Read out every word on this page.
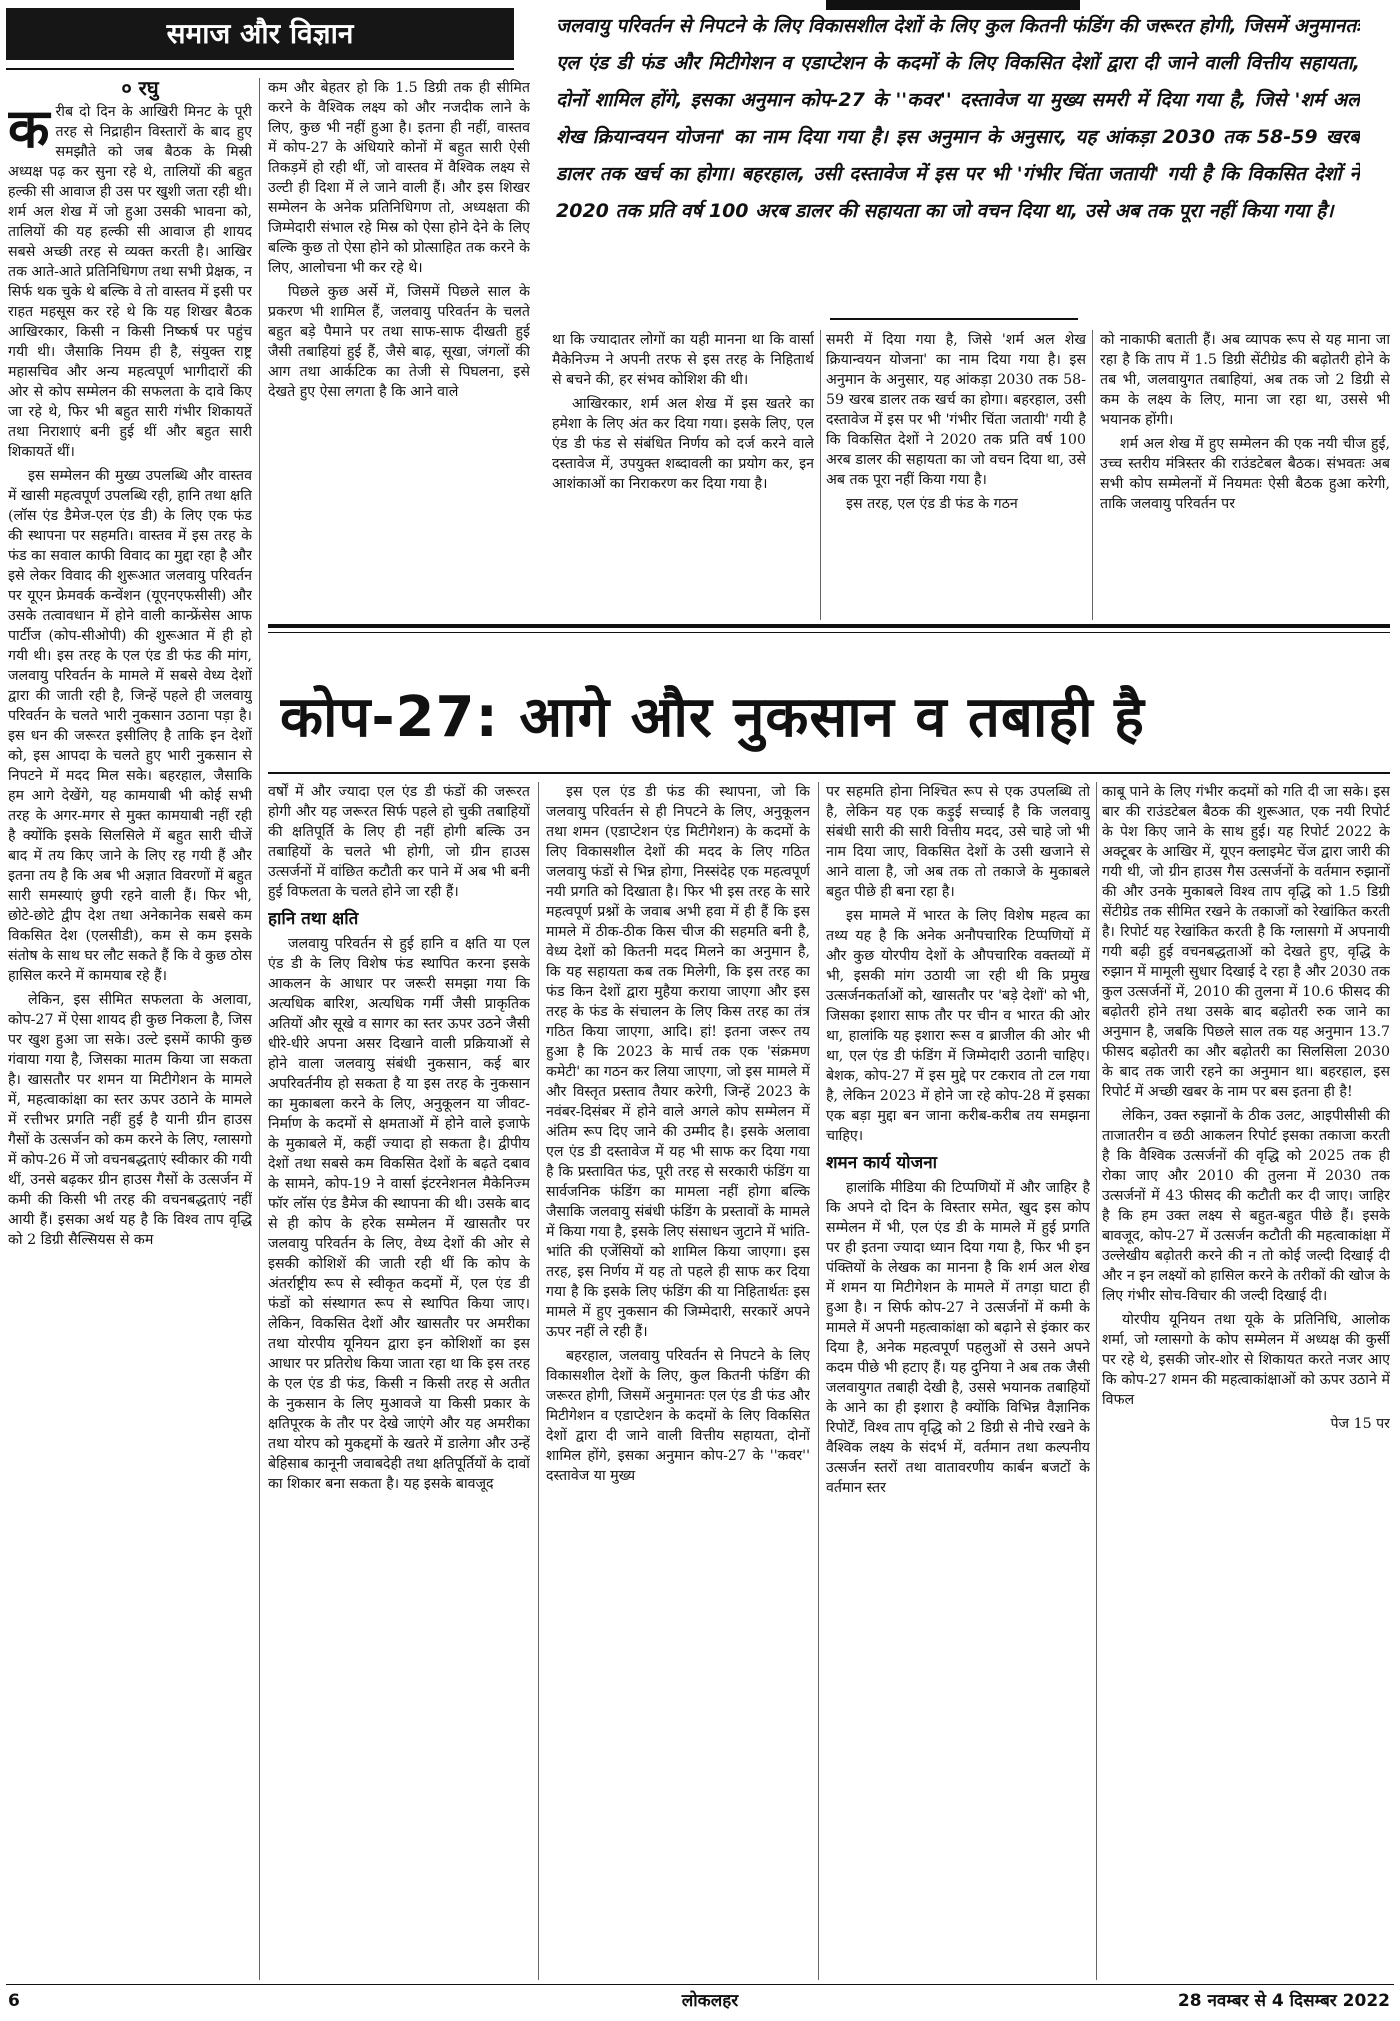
समाज और विज्ञान

० रघु

करीब दो दिन के आखिरी मिनट के पूरी तरह से निद्राहीन विस्तारों के बाद हुए समझौते को जब बैठक के मिस्री अध्यक्ष पढ़ कर सुना रहे थे, तालियों की बहुत हल्की सी आवाज ही उस पर खुशी जता रही थी। शर्म अल शेख में जो हुआ उसकी भावना को, तालियों की यह हल्की सी आवाज ही शायद सबसे अच्छी तरह से व्यक्त करती है। आखिर तक आते-आते प्रतिनिधिगण तथा सभी प्रेक्षक, न सिर्फ थक चुके थे बल्कि वे तो वास्तव में इसी पर राहत महसूस कर रहे थे कि यह शिखर बैठक आखिरकार, किसी न किसी निष्कर्ष पर पहुंच गयी थी। जैसाकि नियम ही है, संयुक्त राष्ट्र महासचिव और अन्य महत्वपूर्ण भागीदारों की ओर से कोप सम्मेलन की सफलता के दावे किए जा रहे थे, फिर भी बहुत सारी गंभीर शिकायतें तथा निराशाएं बनी हुई थीं और बहुत सारी शिकायतें थीं।

इस सम्मेलन की मुख्य उपलब्धि और वास्तव में खासी महत्वपूर्ण उपलब्धि रही, हानि तथा क्षति (लॉस एंड डैमेज-एल एंड डी) के लिए एक फंड की स्थापना पर सहमति। वास्तव में इस तरह के फंड का सवाल काफी विवाद का मुद्दा रहा है और इसे लेकर विवाद की शुरूआत जलवायु परिवर्तन पर यूएन फ्रेमवर्क कन्वेंशन (यूएनएफसीसी) और उसके तत्वावधान में होने वाली कान्फ्रेंसेस आफ पार्टीज (कोप-सीओपी) की शुरूआत में ही हो गयी थी। इस तरह के एल एंड डी फंड की मांग, जलवायु परिवर्तन के मामले में सबसे वेध्य देशों द्वारा की जाती रही है, जिन्हें पहले ही जलवायु परिवर्तन के चलते भारी नुकसान उठाना पड़ा है। इस धन की जरूरत इसीलिए है ताकि इन देशों को, इस आपदा के चलते हुए भारी नुकसान से निपटने में मदद मिल सके। बहरहाल, जैसाकि हम आगे देखेंगे, यह कामयाबी भी कोई सभी तरह के अगर-मगर से मुक्त कामयाबी नहीं रही है क्योंकि इसके सिलसिले में बहुत सारी चीजें बाद में तय किए जाने के लिए रह गयी हैं और इतना तय है कि अब भी अज्ञात विवरणों में बहुत सारी समस्याएं छुपी रहने वाली हैं। फिर भी, छोटे-छोटे द्वीप देश तथा अनेकानेक सबसे कम विकसित देश (एलसीडी), कम से कम इसके संतोष के साथ घर लौट सकते हैं कि वे कुछ ठोस हासिल करने में कामयाब रहे हैं।

लेकिन, इस सीमित सफलता के अलावा, कोप-27 में ऐसा शायद ही कुछ निकला है, जिस पर खुश हुआ जा सके। उल्टे इसमें काफी कुछ गंवाया गया है, जिसका मातम किया जा सकता है। खासतौर पर शमन या मिटीगेशन के मामले में, महत्वाकांक्षा का स्तर ऊपर उठाने के मामले में रत्तीभर प्रगति नहीं हुई है यानी ग्रीन हाउस गैसों के उत्सर्जन को कम करने के लिए, ग्लासगो में कोप-26 में जो वचनबद्धताएं स्वीकार की गयी थीं, उनसे बढ़कर ग्रीन हाउस गैसों के उत्सर्जन में कमी की किसी भी तरह की वचनबद्धताएं नहीं आयी हैं। इसका अर्थ यह है कि विश्व ताप वृद्धि को 2 डिग्री सैल्सियस से कम

कम और बेहतर हो कि 1.5 डिग्री तक ही सीमित करने के वैश्विक लक्ष्य को और नजदीक लाने के लिए, कुछ भी नहीं हुआ है। इतना ही नहीं, वास्तव में कोप-27 के अंधियारे कोनों में बहुत सारी ऐसी तिकड़में हो रही थीं, जो वास्तव में वैश्विक लक्ष्य से उल्टी ही दिशा में ले जाने वाली हैं। और इस शिखर सम्मेलन के अनेक प्रतिनिधिगण तो, अध्यक्षता की जिम्मेदारी संभाल रहे मिस्र को ऐसा होने देने के लिए बल्कि कुछ तो ऐसा होने को प्रोत्साहित तक करने के लिए, आलोचना भी कर रहे थे।

पिछले कुछ अर्से में, जिसमें पिछले साल के प्रकरण भी शामिल हैं, जलवायु परिवर्तन के चलते बहुत बड़े पैमाने पर तथा साफ-साफ दीखती हुई जैसी तबाहियां हुई हैं, जैसे बाढ़, सूखा, जंगलों की आग तथा आर्कटिक का तेजी से पिघलना, इसे देखते हुए ऐसा लगता है कि आने वाले

जलवायु परिवर्तन से निपटने के लिए विकासशील देशों के लिए कुल कितनी फंडिंग की जरूरत होगी, जिसमें अनुमानतः एल एंड डी फंड और मिटीगेशन व एडाप्टेशन के कदमों के लिए विकसित देशों द्वारा दी जाने वाली वित्तीय सहायता, दोनों शामिल होंगे, इसका अनुमान कोप-27 के ''कवर'' दस्तावेज या मुख्य समरी में दिया गया है, जिसे 'शर्म अल शेख क्रियान्वयन योजना' का नाम दिया गया है। इस अनुमान के अनुसार, यह आंकड़ा 2030 तक 58-59 खरब डालर तक खर्च का होगा। बहरहाल, उसी दस्तावेज में इस पर भी 'गंभीर चिंता जतायी' गयी है कि विकसित देशों ने 2020 तक प्रति वर्ष 100 अरब डालर की सहायता का जो वचन दिया था, उसे अब तक पूरा नहीं किया गया है।

था कि ज्यादातर लोगों का यही मानना था कि वार्सा मैकेनिज्म ने अपनी तरफ से इस तरह के निहितार्थ से बचने की, हर संभव कोशिश की थी।

आखिरकार, शर्म अल शेख में इस खतरे का हमेशा के लिए अंत कर दिया गया। इसके लिए, एल एंड डी फंड से संबंधित निर्णय को दर्ज करने वाले दस्तावेज में, उपयुक्त शब्दावली का प्रयोग कर, इन आशंकाओं का निराकरण कर दिया गया है।

समरी में दिया गया है, जिसे 'शर्म अल शेख क्रियान्वयन योजना' का नाम दिया गया है। इस अनुमान के अनुसार, यह आंकड़ा 2030 तक 58-59 खरब डालर तक खर्च का होगा। बहरहाल, उसी दस्तावेज में इस पर भी 'गंभीर चिंता जतायी' गयी है कि विकसित देशों ने 2020 तक प्रति वर्ष 100 अरब डालर की सहायता का जो वचन दिया था, उसे अब तक पूरा नहीं किया गया है।

इस तरह, एल एंड डी फंड के गठन

को नाकाफी बताती हैं। अब व्यापक रूप से यह माना जा रहा है कि ताप में 1.5 डिग्री सेंटीग्रेड की बढ़ोतरी होने के तब भी, जलवायुगत तबाहियां, अब तक जो 2 डिग्री से कम के लक्ष्य के लिए, माना जा रहा था, उससे भी भयानक होंगी।

शर्म अल शेख में हुए सम्मेलन की एक नयी चीज हुई, उच्च स्तरीय मंत्रिस्तर की राउंडटेबल बैठक। संभवतः अब सभी कोप सम्मेलनों में नियमतः ऐसी बैठक हुआ करेगी, ताकि जलवायु परिवर्तन पर

कोप-27: आगे और नुकसान व तबाही है

वर्षों में और ज्यादा एल एंड डी फंडों की जरूरत होगी और यह जरूरत सिर्फ पहले हो चुकी तबाहियों की क्षतिपूर्ति के लिए ही नहीं होगी बल्कि उन तबाहियों के चलते भी होगी, जो ग्रीन हाउस उत्सर्जनों में वांछित कटौती कर पाने में अब भी बनी हुई विफलता के चलते होने जा रही हैं।

हानि तथा क्षति

जलवायु परिवर्तन से हुई हानि व क्षति या एल एंड डी के लिए विशेष फंड स्थापित करना इसके आकलन के आधार पर जरूरी समझा गया कि अत्यधिक बारिश, अत्यधिक गर्मी जैसी प्राकृतिक अतियों और सूखे व सागर का स्तर ऊपर उठने जैसी धीरे-धीरे अपना असर दिखाने वाली प्रक्रियाओं से होने वाला जलवायु संबंधी नुकसान, कई बार अपरिवर्तनीय हो सकता है या इस तरह के नुकसान का मुकाबला करने के लिए, अनुकूलन या जीवट-निर्माण के कदमों से क्षमताओं में होने वाले इजाफे के मुकाबले में, कहीं ज्यादा हो सकता है। द्वीपीय देशों तथा सबसे कम विकसित देशों के बढ़ते दबाव के सामने, कोप-19 ने वार्सा इंटरनेशनल मैकेनिज्म फॉर लॉस एंड डैमेज की स्थापना की थी। उसके बाद से ही कोप के हरेक सम्मेलन में खासतौर पर जलवायु परिवर्तन के लिए, वेध्य देशों की ओर से इसकी कोशिशें की जाती रही थीं कि कोप के अंतर्राष्ट्रीय रूप से स्वीकृत कदमों में, एल एंड डी फंडों को संस्थागत रूप से स्थापित किया जाए। लेकिन, विकसित देशों और खासतौर पर अमरीका तथा योरपीय यूनियन द्वारा इन कोशिशों का इस आधार पर प्रतिरोध किया जाता रहा था कि इस तरह के एल एंड डी फंड, किसी न किसी तरह से अतीत के नुकसान के लिए मुआवजे या किसी प्रकार के क्षतिपूरक के तौर पर देखे जाएंगे और यह अमरीका तथा योरप को मुकद्दमों के खतरे में डालेगा और उन्हें बेहिसाब कानूनी जवाबदेही तथा क्षतिपूर्तियों के दावों का शिकार बना सकता है। यह इसके बावजूद

इस एल एंड डी फंड की स्थापना, जो कि जलवायु परिवर्तन से ही निपटने के लिए, अनुकूलन तथा शमन (एडाप्टेशन एंड मिटीगेशन) के कदमों के लिए विकासशील देशों की मदद के लिए गठित जलवायु फंडों से भिन्न होगा, निस्संदेह एक महत्वपूर्ण नयी प्रगति को दिखाता है। फिर भी इस तरह के सारे महत्वपूर्ण प्रश्नों के जवाब अभी हवा में ही हैं कि इस मामले में ठीक-ठीक किस चीज की सहमति बनी है, वेध्य देशों को कितनी मदद मिलने का अनुमान है, कि यह सहायता कब तक मिलेगी, कि इस तरह का फंड किन देशों द्वारा मुहैया कराया जाएगा और इस तरह के फंड के संचालन के लिए किस तरह का तंत्र गठित किया जाएगा, आदि। हां! इतना जरूर तय हुआ है कि 2023 के मार्च तक एक 'संक्रमण कमेटी' का गठन कर लिया जाएगा, जो इस मामले में और विस्तृत प्रस्ताव तैयार करेगी, जिन्हें 2023 के नवंबर-दिसंबर में होने वाले अगले कोप सम्मेलन में अंतिम रूप दिए जाने की उम्मीद है। इसके अलावा एल एंड डी दस्तावेज में यह भी साफ कर दिया गया है कि प्रस्तावित फंड, पूरी तरह से सरकारी फंडिंग या सार्वजनिक फंडिंग का मामला नहीं होगा बल्कि जैसाकि जलवायु संबंधी फंडिंग के प्रस्तावों के मामले में किया गया है, इसके लिए संसाधन जुटाने में भांति-भांति की एजेंसियों को शामिल किया जाएगा। इस तरह, इस निर्णय में यह तो पहले ही साफ कर दिया गया है कि इसके लिए फंडिंग की या निहितार्थतः इस मामले में हुए नुकसान की जिम्मेदारी, सरकारें अपने ऊपर नहीं ले रही हैं।

बहरहाल, जलवायु परिवर्तन से निपटने के लिए विकासशील देशों के लिए, कुल कितनी फंडिंग की जरूरत होगी, जिसमें अनुमानतः एल एंड डी फंड और मिटीगेशन व एडाप्टेशन के कदमों के लिए विकसित देशों द्वारा दी जाने वाली वित्तीय सहायता, दोनों शामिल होंगे, इसका अनुमान कोप-27 के ''कवर'' दस्तावेज या मुख्य

पर सहमति होना निश्चित रूप से एक उपलब्धि तो है, लेकिन यह एक कड़ुई सच्चाई है कि जलवायु संबंधी सारी की सारी वित्तीय मदद, उसे चाहे जो भी नाम दिया जाए, विकसित देशों के उसी खजाने से आने वाला है, जो अब तक तो तकाजे के मुकाबले बहुत पीछे ही बना रहा है।

इस मामले में भारत के लिए विशेष महत्व का तथ्य यह है कि अनेक अनौपचारिक टिप्पणियों में और कुछ योरपीय देशों के औपचारिक वक्तव्यों में भी, इसकी मांग उठायी जा रही थी कि प्रमुख उत्सर्जनकर्ताओं को, खासतौर पर 'बड़े देशों' को भी, जिसका इशारा साफ तौर पर चीन व भारत की ओर था, हालांकि यह इशारा रूस व ब्राजील की ओर भी था, एल एंड डी फंडिंग में जिम्मेदारी उठानी चाहिए। बेशक, कोप-27 में इस मुद्दे पर टकराव तो टल गया है, लेकिन 2023 में होने जा रहे कोप-28 में इसका एक बड़ा मुद्दा बन जाना करीब-करीब तय समझना चाहिए।

शमन कार्य योजना

हालांकि मीडिया की टिप्पणियों में और जाहिर है कि अपने दो दिन के विस्तार समेत, खुद इस कोप सम्मेलन में भी, एल एंड डी के मामले में हुई प्रगति पर ही इतना ज्यादा ध्यान दिया गया है, फिर भी इन पंक्तियों के लेखक का मानना है कि शर्म अल शेख में शमन या मिटीगेशन के मामले में तगड़ा घाटा ही हुआ है। न सिर्फ कोप-27 ने उत्सर्जनों में कमी के मामले में अपनी महत्वाकांक्षा को बढ़ाने से इंकार कर दिया है, अनेक महत्वपूर्ण पहलुओं से उसने अपने कदम पीछे भी हटाए हैं। यह दुनिया ने अब तक जैसी जलवायुगत तबाही देखी है, उससे भयानक तबाहियों के आने का ही इशारा है क्योंकि विभिन्न वैज्ञानिक रिपोर्टें, विश्व ताप वृद्धि को 2 डिग्री से नीचे रखने के वैश्विक लक्ष्य के संदर्भ में, वर्तमान तथा कल्पनीय उत्सर्जन स्तरों तथा वातावरणीय कार्बन बजटों के वर्तमान स्तर

काबू पाने के लिए गंभीर कदमों को गति दी जा सके। इस बार की राउंडटेबल बैठक की शुरूआत, एक नयी रिपोर्ट के पेश किए जाने के साथ हुई। यह रिपोर्ट 2022 के अक्टूबर के आखिर में, यूएन क्लाइमेट चेंज द्वारा जारी की गयी थी, जो ग्रीन हाउस गैस उत्सर्जनों के वर्तमान रुझानों की और उनके मुकाबले विश्व ताप वृद्धि को 1.5 डिग्री सेंटीग्रेड तक सीमित रखने के तकाजों को रेखांकित करती है। रिपोर्ट यह रेखांकित करती है कि ग्लासगो में अपनायी गयी बढ़ी हुई वचनबद्धताओं को देखते हुए, वृद्धि के रुझान में मामूली सुधार दिखाई दे रहा है और 2030 तक कुल उत्सर्जनों में, 2010 की तुलना में 10.6 फीसद की बढ़ोतरी होने तथा उसके बाद बढ़ोतरी रुक जाने का अनुमान है, जबकि पिछले साल तक यह अनुमान 13.7 फीसद बढ़ोतरी का और बढ़ोतरी का सिलसिला 2030 के बाद तक जारी रहने का अनुमान था। बहरहाल, इस रिपोर्ट में अच्छी खबर के नाम पर बस इतना ही है!

लेकिन, उक्त रुझानों के ठीक उलट, आइपीसीसी की ताजातरीन व छठी आकलन रिपोर्ट इसका तकाजा करती है कि वैश्विक उत्सर्जनों की वृद्धि को 2025 तक ही रोका जाए और 2010 की तुलना में 2030 तक उत्सर्जनों में 43 फीसद की कटौती कर दी जाए। जाहिर है कि हम उक्त लक्ष्य से बहुत-बहुत पीछे हैं। इसके बावजूद, कोप-27 में उत्सर्जन कटौती की महत्वाकांक्षा में उल्लेखीय बढ़ोतरी करने की न तो कोई जल्दी दिखाई दी और न इन लक्ष्यों को हासिल करने के तरीकों की खोज के लिए गंभीर सोच-विचार की जल्दी दिखाई दी।

योरपीय यूनियन तथा यूके के प्रतिनिधि, आलोक शर्मा, जो ग्लासगो के कोप सम्मेलन में अध्यक्ष की कुर्सी पर रहे थे, इसकी जोर-शोर से शिकायत करते नजर आए कि कोप-27 शमन की महत्वाकांक्षाओं को ऊपर उठाने में विफल

पेज 15 पर

6	लोकलहर	28 नवम्बर से 4 दिसम्बर 2022
